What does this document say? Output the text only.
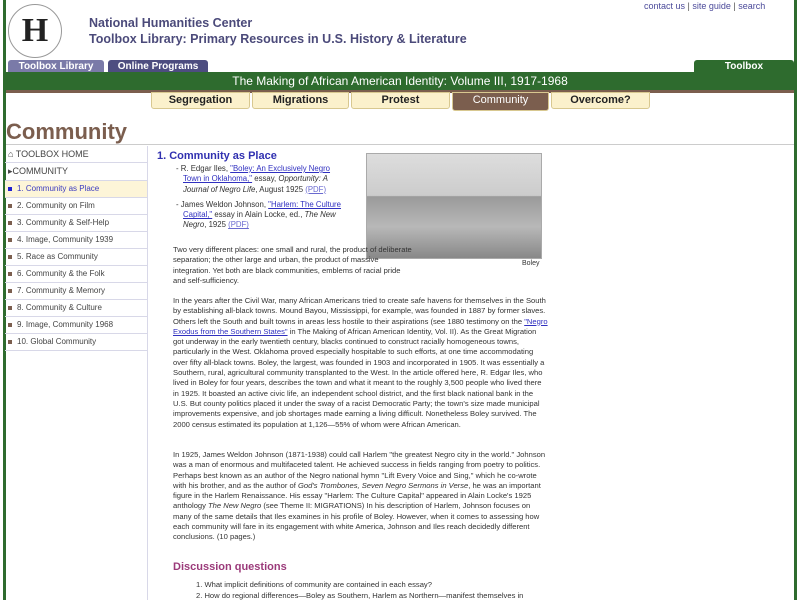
H	National Humanities Center
Toolbox Library: Primary Resources in U.S. History & Literature
contact us | site guide | search
Toolbox Library	Online Programs	Toolbox
The Making of African American Identity: Volume III, 1917-1968
Segregation	Migrations	Protest	Community	Overcome?
Community
⌂ TOOLBOX HOME
▸COMMUNITY
1. Community as Place
2. Community on Film
3. Community & Self-Help
4. Image, Community 1939
5. Race as Community
6. Community & the Folk
7. Community & Memory
8. Community & Culture
9. Image, Community 1968
10. Global Community
1. Community as Place
- R. Edgar Iles, "Boley: An Exclusively Negro Town in Oklahoma," essay, Opportunity: A Journal of Negro Life, August 1925 (PDF)
- James Weldon Johnson, "Harlem: The Culture Capital," essay in Alain Locke, ed., The New Negro, 1925 (PDF)
Boley
Two very different places: one small and rural, the product of deliberate separation; the other large and urban, the product of massive integration. Yet both are black communities, emblems of racial pride and self-sufficiency.
In the years after the Civil War, many African Americans tried to create safe havens for themselves in the South by establishing all-black towns. Mound Bayou, Mississippi, for example, was founded in 1887 by former slaves. Others left the South and built towns in areas less hostile to their aspirations (see 1880 testimony on the "Negro Exodus from the Southern States" in The Making of African American Identity, Vol. II). As the Great Migration got underway in the early twentieth century, blacks continued to construct racially homogeneous towns, particularly in the West. Oklahoma proved especially hospitable to such efforts, at one time accommodating over fifty all-black towns. Boley, the largest, was founded in 1903 and incorporated in 1905. It was essentially a Southern, rural, agricultural community transplanted to the West. In the article offered here, R. Edgar Iles, who lived in Boley for four years, describes the town and what it meant to the roughly 3,500 people who lived there in 1925. It boasted an active civic life, an independent school district, and the first black national bank in the U.S. But county politics placed it under the sway of a racist Democratic Party; the town's size made municipal improvements expensive, and job shortages made earning a living difficult. Nonetheless Boley survived. The 2000 census estimated its population at 1,126—55% of whom were African American.
In 1925, James Weldon Johnson (1871-1938) could call Harlem "the greatest Negro city in the world." Johnson was a man of enormous and multifaceted talent. He achieved success in fields ranging from poetry to politics. Perhaps best known as an author of the Negro national hymn "Lift Every Voice and Sing," which he co-wrote with his brother, and as the author of God's Trombones, Seven Negro Sermons in Verse, he was an important figure in the Harlem Renaissance. His essay "Harlem: The Culture Capital" appeared in Alain Locke's 1925 anthology The New Negro (see Theme II: MIGRATIONS) In his description of Harlem, Johnson focuses on many of the same details that Iles examines in his profile of Boley. However, when it comes to assessing how each community will fare in its engagement with white America, Johnson and Iles reach decidedly different conclusions. (10 pages.)
Discussion questions
1. What implicit definitions of community are contained in each essay?
2. How do regional differences—Boley as Southern, Harlem as Northern—manifest themselves in
